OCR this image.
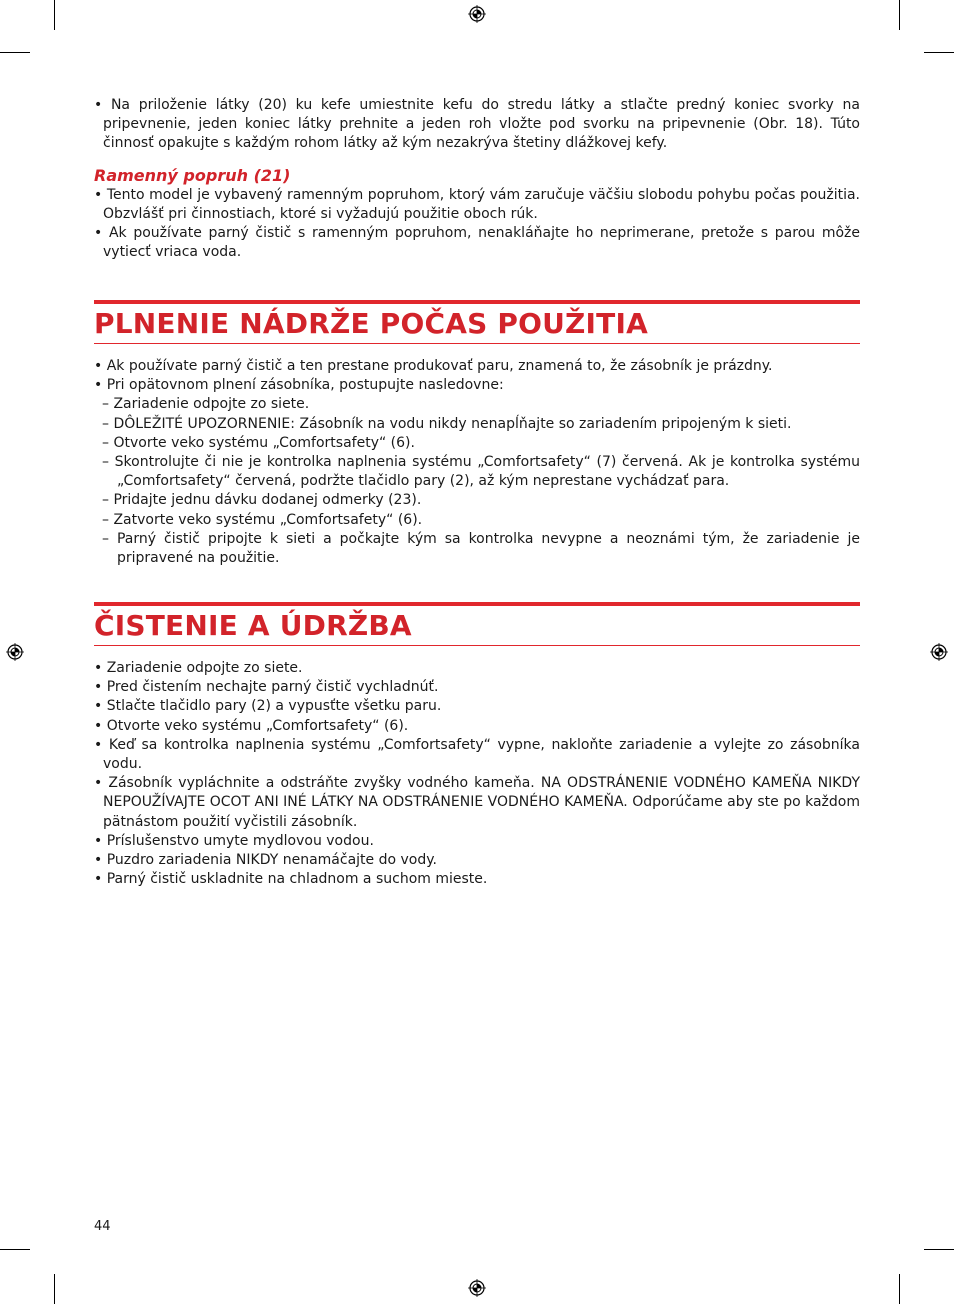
• Na priloženie látky (20) ku kefe umiestnite kefu do stredu látky a stlačte predný koniec svorky na pripevnenie, jeden koniec látky prehnite a jeden roh vložte pod svorku na pripevnenie (Obr. 18). Túto činnosť opakujte s každým rohom látky až kým nezakrýva štetiny dlážkovej kefy.

Ramenný popruh (21)

• Tento model je vybavený ramenným popruhom, ktorý vám zaručuje väčšiu slobodu pohybu počas použitia. Obzvlášť pri činnostiach, ktoré si vyžadujú použitie oboch rúk.

• Ak používate parný čistič s ramenným popruhom, nenakláňajte ho neprimerane, pretože s parou môže vytiecť vriaca voda.

PLNENIE NÁDRŽE POČAS POUŽITIA

• Ak používate parný čistič a ten prestane produkovať paru, znamená to, že zásobník je prázdny.

• Pri opätovnom plnení zásobníka, postupujte nasledovne:

– Zariadenie odpojte zo siete.

– DÔLEŽITÉ UPOZORNENIE: Zásobník na vodu nikdy nenapĺňajte so zariadením pripojeným k sieti.

– Otvorte veko systému „Comfortsafety“ (6).

– Skontrolujte či nie je kontrolka naplnenia systému „Comfortsafety“ (7) červená. Ak je kontrolka systému „Comfortsafety“ červená, podržte tlačidlo pary (2), až kým neprestane vychádzať para.

– Pridajte jednu dávku dodanej odmerky (23).

– Zatvorte veko systému „Comfortsafety“ (6).

– Parný čistič pripojte k sieti a počkajte kým sa kontrolka nevypne a neoznámi tým, že zariadenie je pripravené na použitie.

ČISTENIE A ÚDRŽBA

• Zariadenie odpojte zo siete.

• Pred čistením nechajte parný čistič vychladnúť.

• Stlačte tlačidlo pary (2) a vypusťte všetku paru.

• Otvorte veko systému „Comfortsafety“ (6).

• Keď sa kontrolka naplnenia systému „Comfortsafety“ vypne, nakloňte zariadenie a vylejte zo zásobníka vodu.

• Zásobník vypláchnite a odstráňte zvyšky vodného kameňa. NA ODSTRÁNENIE VODNÉHO KAMEŇA NIKDY NEPOUŽÍVAJTE OCOT ANI INÉ LÁTKY NA ODSTRÁNENIE VODNÉHO KAMEŇA. Odporúčame aby ste po každom pätnástom použití vyčistili zásobník.

• Príslušenstvo umyte mydlovou vodou.

• Puzdro zariadenia NIKDY nenamáčajte do vody.

• Parný čistič uskladnite na chladnom a suchom mieste.

44
